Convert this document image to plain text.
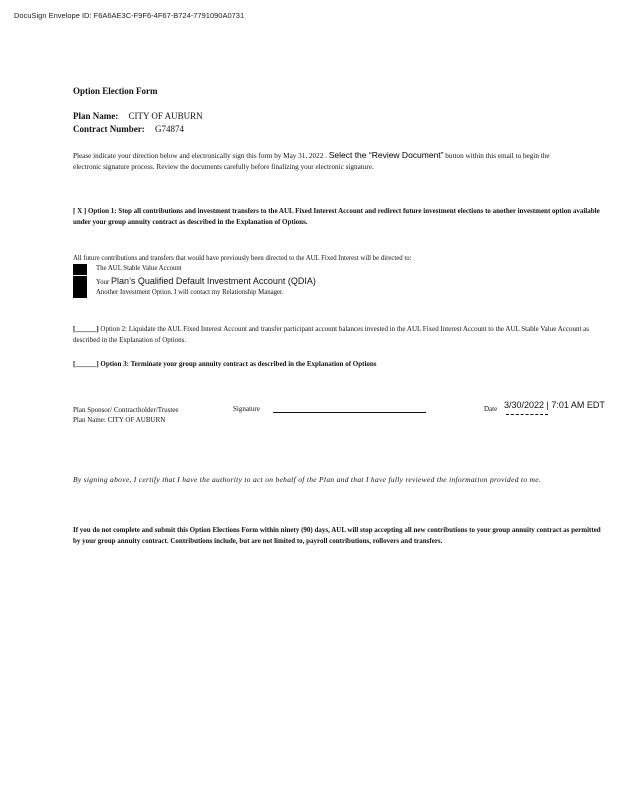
DocuSign Envelope ID: F6A6AE3C-F9F6-4F67-B724-7791090A0731
Option Election Form
Plan Name: CITY OF AUBURN
Contract Number: G74874
Please indicate your direction below and electronically sign this form by May 31, 2022 . Select the “Review Document” button within this email to begin the electronic signature process. Review the documents carefully before finalizing your electronic signature.
[ X ] Option 1: Stop all contributions and investment transfers to the AUL Fixed Interest Account and redirect future investment elections to another investment option available under your group annuity contract as described in the Explanation of Options.
All future contributions and transfers that would have previously been directed to the AUL Fixed Interest will be directed to:
The AUL Stable Value Account
Your Plan’s Qualified Default Investment Account (QDIA)
Another Investment Option. I will contact my Relationship Manager.
[______] Option 2: Liquidate the AUL Fixed Interest Account and transfer participant account balances invested in the AUL Fixed Interest Account to the AUL Stable Value Account as described in the Explanation of Options.
[______] Option 3: Terminate your group annuity contract as described in the Explanation of Options
Plan Sponsor/ Contractholder/Trustee
Plan Name: CITY OF AUBURN
Signature	Date 3/30/2022 | 7:01 AM EDT
By signing above, I certify that I have the authority to act on behalf of the Plan and that I have fully reviewed the information provided to me.
If you do not complete and submit this Option Elections Form within ninety (90) days, AUL will stop accepting all new contributions to your group annuity contract as permitted by your group annuity contract. Contributions include, but are not limited to, payroll contributions, rollovers and transfers.
